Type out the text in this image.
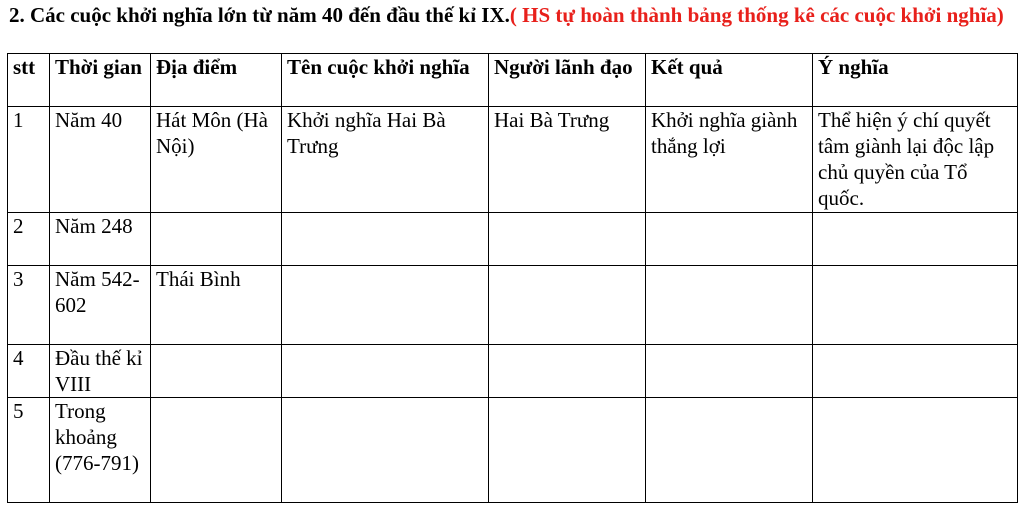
2. Các cuộc khởi nghĩa lớn từ năm 40 đến đầu thế kỉ IX.( HS tự hoàn thành bảng thống kê các cuộc khởi nghĩa)

stt	Thời gian	Địa điểm	Tên cuộc khởi nghĩa	Người lãnh đạo	Kết quả	Ý nghĩa
1	Năm 40	Hát Môn (Hà Nội)	Khởi nghĩa Hai Bà Trưng	Hai Bà Trưng	Khởi nghĩa giành thắng lợi	Thể hiện ý chí quyết tâm giành lại độc lập chủ quyền của Tổ quốc.
2	Năm 248					
3	Năm 542-602	Thái Bình				
4	Đầu thế kỉ VIII					
5	Trong khoảng (776-791)					
